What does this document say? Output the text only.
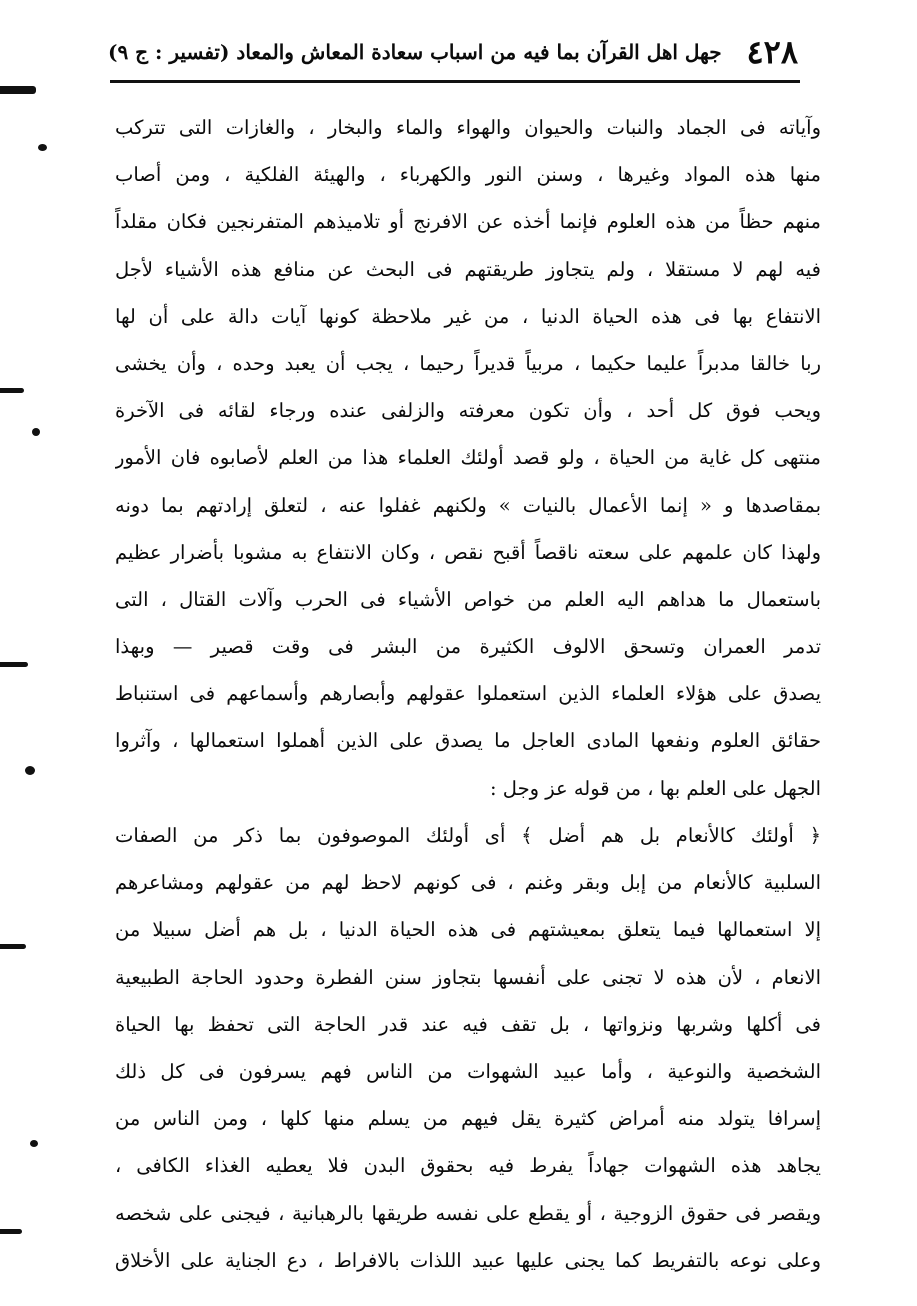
٤٢٨
جهل اهل القرآن بما فيه من اسباب سعادة المعاش والمعاد (تفسير : ج ٩)
وآياته فى الجماد والنبات والحيوان والهواء والماء والبخار ، والغازات التى تتركب
منها هذه المواد وغيرها ، وسنن النور والكهرباء ، والهيئة الفلكية ، ومن أصاب
منهم حظاً من هذه العلوم فإنما أخذه عن الافرنج أو تلاميذهم المتفرنجين فكان مقلداً
فيه لهم لا مستقلا ، ولم يتجاوز طريقتهم فى البحث عن منافع هذه الأشياء لأجل
الانتفاع بها فى هذه الحياة الدنيا ، من غير ملاحظة كونها آيات دالة على أن لها
ربا خالقا مدبراً عليما حكيما ، مربياً قديراً رحيما ، يجب أن يعبد وحده ، وأن يخشى
ويحب فوق كل أحد ، وأن تكون معرفته والزلفى عنده ورجاء لقائه فى الآخرة
منتهى كل غاية من الحياة ، ولو قصد أولئك العلماء هذا من العلم لأصابوه فان الأمور
بمقاصدها و « إنما الأعمال بالنيات » ولكنهم غفلوا عنه ، لتعلق إرادتهم بما دونه
ولهذا كان علمهم على سعته ناقصاً أقبح نقص ، وكان الانتفاع به مشوبا بأضرار عظيم
باستعمال ما هداهم اليه العلم من خواص الأشياء فى الحرب وآلات القتال ، التى
تدمر العمران وتسحق الالوف الكثيرة من البشر فى وقت قصير — وبهذا
يصدق على هؤلاء العلماء الذين استعملوا عقولهم وأبصارهم وأسماعهم فى استنباط
حقائق العلوم ونفعها المادى العاجل ما يصدق على الذين أهملوا استعمالها ، وآثروا
الجهل على العلم بها ، من قوله عز وجل :
﴿ أولئك كالأنعام بل هم أضل ﴾ أى أولئك الموصوفون بما ذكر من الصفات
السلبية كالأنعام من إبل وبقر وغنم ، فى كونهم لاحظ لهم من عقولهم ومشاعرهم
إلا استعمالها فيما يتعلق بمعيشتهم فى هذه الحياة الدنيا ، بل هم أضل سبيلا من
الانعام ، لأن هذه لا تجنى على أنفسها بتجاوز سنن الفطرة وحدود الحاجة الطبيعية
فى أكلها وشربها ونزواتها ، بل تقف فيه عند قدر الحاجة التى تحفظ بها الحياة
الشخصية والنوعية ، وأما عبيد الشهوات من الناس فهم يسرفون فى كل ذلك
إسرافا يتولد منه أمراض كثيرة يقل فيهم من يسلم منها كلها ، ومن الناس من
يجاهد هذه الشهوات جهاداً يفرط فيه بحقوق البدن فلا يعطيه الغذاء الكافى ،
ويقصر فى حقوق الزوجية ، أو يقطع على نفسه طريقها بالرهبانية ، فيجنى على شخصه
وعلى نوعه بالتفريط كما يجنى عليها عبيد اللذات بالافراط ، دع الجناية على الأخلاق
